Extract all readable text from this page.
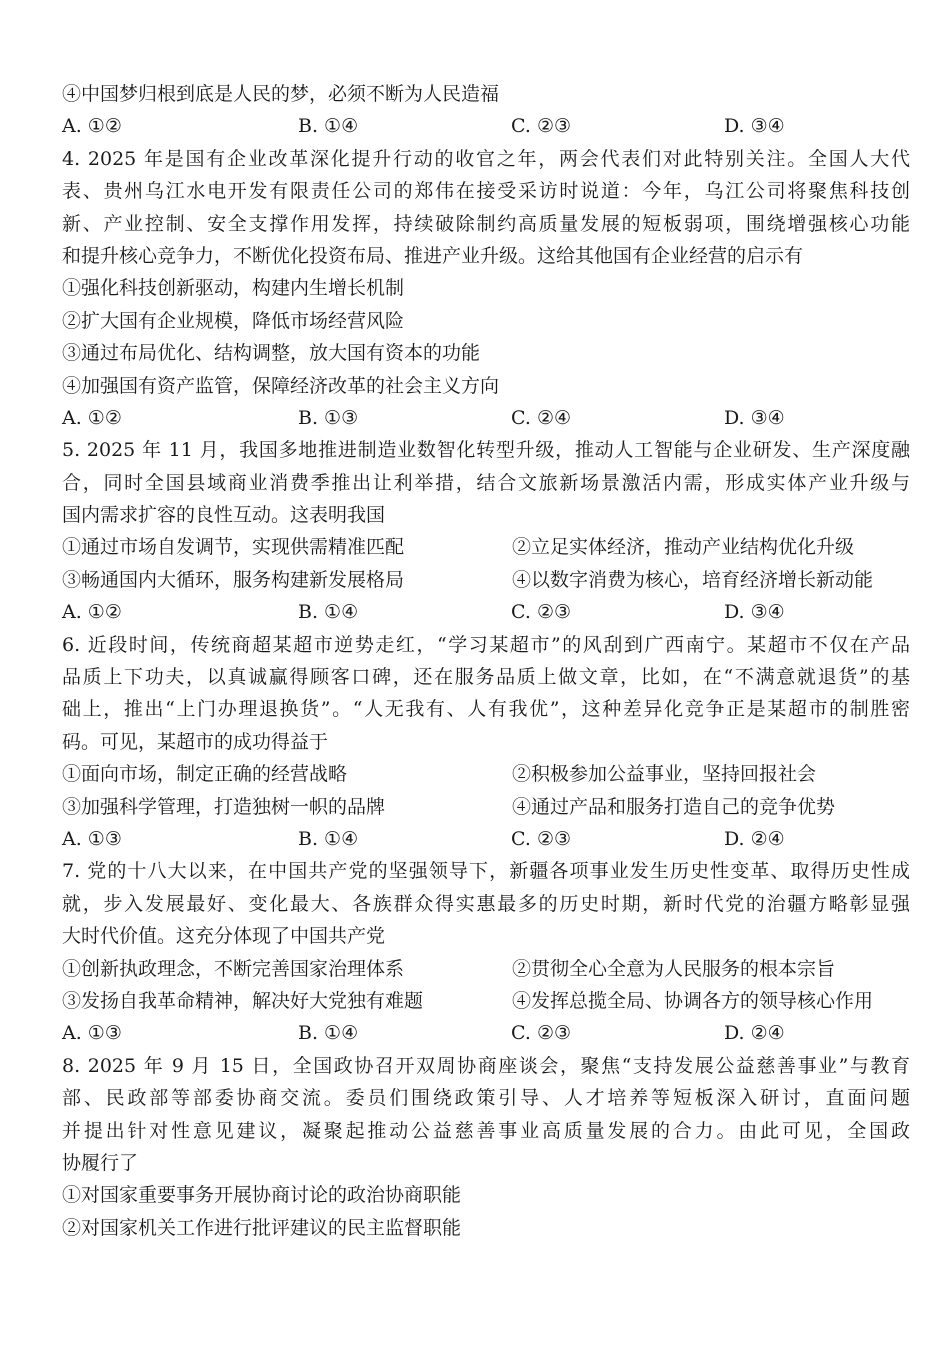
④中国梦归根到底是人民的梦，必须不断为人民造福
A. ①②	B. ①④	C. ②③	D. ③④
4. 2025 年是国有企业改革深化提升行动的收官之年，两会代表们对此特别关注。全国人大代
表、贵州乌江水电开发有限责任公司的郑伟在接受采访时说道：今年，乌江公司将聚焦科技创
新、产业控制、安全支撑作用发挥，持续破除制约高质量发展的短板弱项，围绕增强核心功能
和提升核心竞争力，不断优化投资布局、推进产业升级。这给其他国有企业经营的启示有
①强化科技创新驱动，构建内生增长机制
②扩大国有企业规模，降低市场经营风险
③通过布局优化、结构调整，放大国有资本的功能
④加强国有资产监管，保障经济改革的社会主义方向
A. ①②	B. ①③	C. ②④	D. ③④
5. 2025 年 11 月，我国多地推进制造业数智化转型升级，推动人工智能与企业研发、生产深度融
合，同时全国县域商业消费季推出让利举措，结合文旅新场景激活内需，形成实体产业升级与
国内需求扩容的良性互动。这表明我国
①通过市场自发调节，实现供需精准匹配	②立足实体经济，推动产业结构优化升级
③畅通国内大循环，服务构建新发展格局	④以数字消费为核心，培育经济增长新动能
A. ①②	B. ①④	C. ②③	D. ③④
6. 近段时间，传统商超某超市逆势走红，“学习某超市”的风刮到广西南宁。某超市不仅在产品
品质上下功夫，以真诚赢得顾客口碑，还在服务品质上做文章，比如，在“不满意就退货”的基
础上，推出“上门办理退换货”。“人无我有、人有我优”，这种差异化竞争正是某超市的制胜密
码。可见，某超市的成功得益于
①面向市场，制定正确的经营战略	②积极参加公益事业，坚持回报社会
③加强科学管理，打造独树一帜的品牌	④通过产品和服务打造自己的竞争优势
A. ①③	B. ①④	C. ②③	D. ②④
7. 党的十八大以来，在中国共产党的坚强领导下，新疆各项事业发生历史性变革、取得历史性成
就，步入发展最好、变化最大、各族群众得实惠最多的历史时期，新时代党的治疆方略彰显强
大时代价值。这充分体现了中国共产党
①创新执政理念，不断完善国家治理体系	②贯彻全心全意为人民服务的根本宗旨
③发扬自我革命精神，解决好大党独有难题	④发挥总揽全局、协调各方的领导核心作用
A. ①③	B. ①④	C. ②③	D. ②④
8. 2025 年 9 月 15 日，全国政协召开双周协商座谈会，聚焦“支持发展公益慈善事业”与教育
部、民政部等部委协商交流。委员们围绕政策引导、人才培养等短板深入研讨，直面问题
并提出针对性意见建议，凝聚起推动公益慈善事业高质量发展的合力。由此可见，全国政
协履行了
①对国家重要事务开展协商讨论的政治协商职能
②对国家机关工作进行批评建议的民主监督职能
